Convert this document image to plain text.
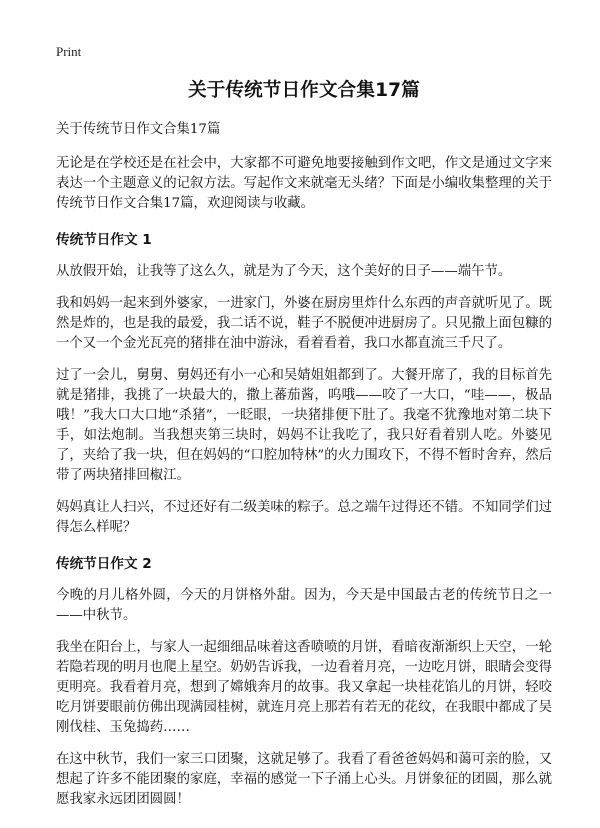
Print
关于传统节日作文合集17篇

关于传统节日作文合集17篇

无论是在学校还是在社会中，大家都不可避免地要接触到作文吧，作文是通过文字来表达一个主题意义的记叙方法。写起作文来就毫无头绪？下面是小编收集整理的关于传统节日作文合集17篇，欢迎阅读与收藏。

传统节日作文 1

从放假开始，让我等了这么久，就是为了今天，这个美好的日子——端午节。

我和妈妈一起来到外婆家，一进家门，外婆在厨房里炸什么东西的声音就听见了。既然是炸的，也是我的最爱，我二话不说，鞋子不脱便冲进厨房了。只见撒上面包糠的一个又一个金光瓦亮的猪排在油中游泳，看着看着，我口水都直流三千尺了。

过了一会儿，舅舅、舅妈还有小一心和吴婧姐姐都到了。大餐开席了，我的目标首先就是猪排，我挑了一块最大的，撒上蕃茄酱，呜哦——咬了一大口，“哇——，极品哦！”我大口大口地“杀猪”，一眨眼，一块猪排便下肚了。我毫不犹豫地对第二块下手，如法炮制。当我想夹第三块时，妈妈不让我吃了，我只好看着别人吃。外婆见了，夹给了我一块，但在妈妈的“口腔加特林”的火力围攻下，不得不暂时舍弃，然后带了两块猪排回椒江。

妈妈真让人扫兴，不过还好有二级美味的粽子。总之端午过得还不错。不知同学们过得怎么样呢？

传统节日作文 2

今晚的月儿格外圆，今天的月饼格外甜。因为，今天是中国最古老的传统节日之一——中秋节。

我坐在阳台上，与家人一起细细品味着这香喷喷的月饼，看暗夜渐渐织上天空，一轮若隐若现的明月也爬上星空。奶奶告诉我，一边看着月亮，一边吃月饼，眼睛会变得更明亮。我看着月亮，想到了嫦娥奔月的故事。我又拿起一块桂花馅儿的月饼，轻咬吃月饼要眼前仿佛出现满园桂树，就连月亮上那若有若无的花纹，在我眼中都成了吴刚伐桂、玉兔捣药……

在这中秋节，我们一家三口团聚，这就足够了。我看了看爸爸妈妈和蔼可亲的脸，又想起了许多不能团聚的家庭，幸福的感觉一下子涌上心头。月饼象征的团圆，那么就愿我家永远团团圆圆！
